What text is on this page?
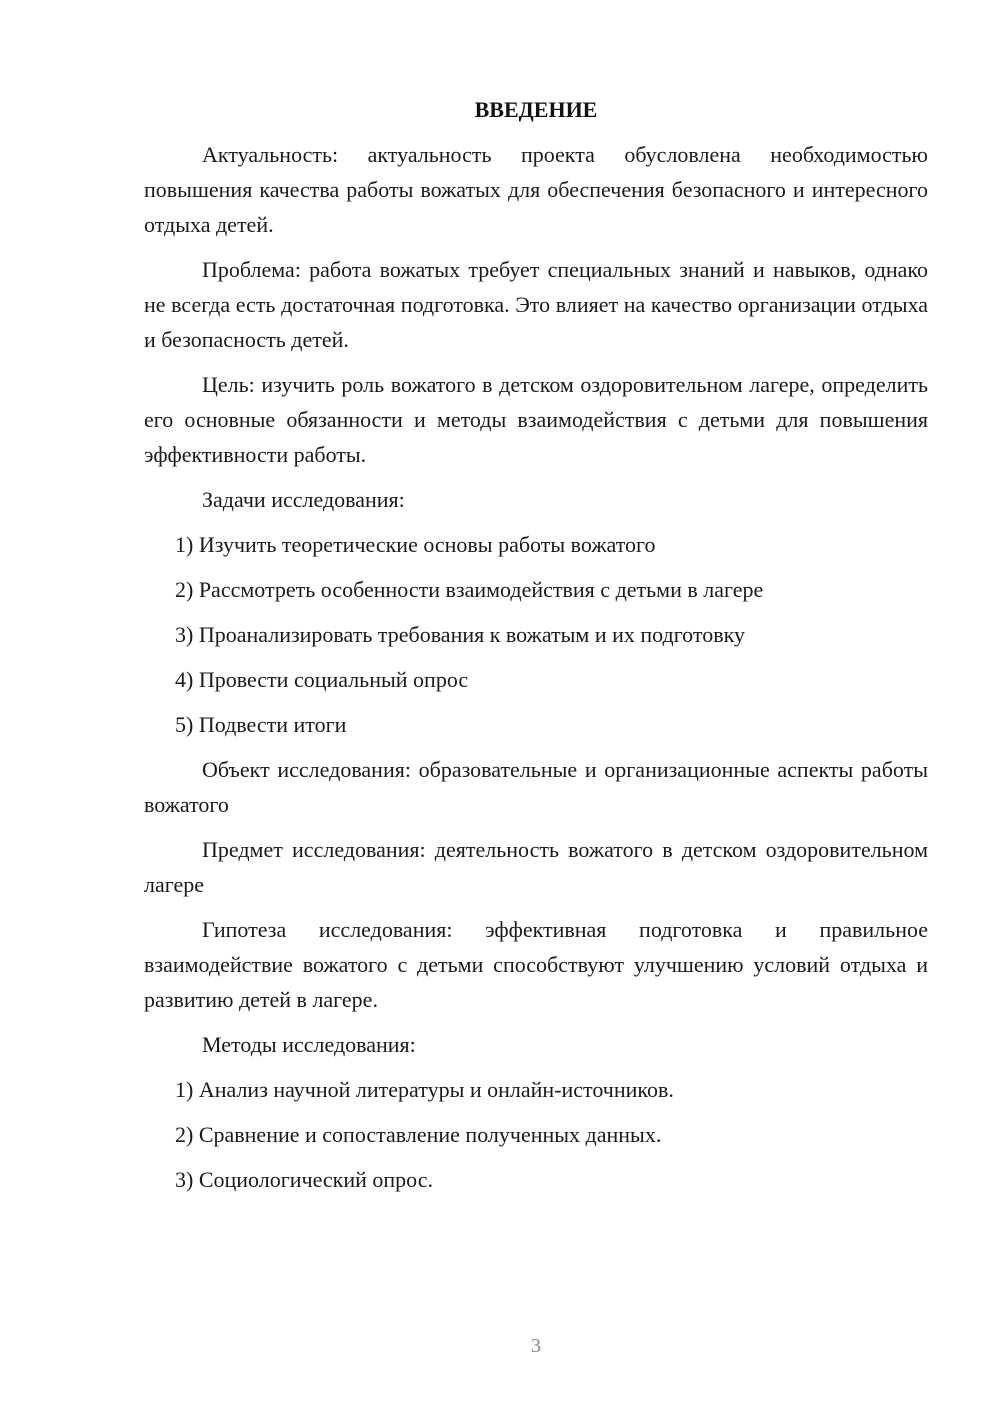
ВВЕДЕНИЕ

Актуальность: актуальность проекта обусловлена необходимостью повышения качества работы вожатых для обеспечения безопасного и интересного отдыха детей.

Проблема: работа вожатых требует специальных знаний и навыков, однако не всегда есть достаточная подготовка. Это влияет на качество организации отдыха и безопасность детей.

Цель: изучить роль вожатого в детском оздоровительном лагере, определить его основные обязанности и методы взаимодействия с детьми для повышения эффективности работы.

Задачи исследования:

1) Изучить теоретические основы работы вожатого
2) Рассмотреть особенности взаимодействия с детьми в лагере
3) Проанализировать требования к вожатым и их подготовку
4) Провести социальный опрос
5) Подвести итоги

Объект исследования: образовательные и организационные аспекты работы вожатого

Предмет исследования: деятельность вожатого в детском оздоровительном лагере

Гипотеза исследования: эффективная подготовка и правильное взаимодействие вожатого с детьми способствуют улучшению условий отдыха и развитию детей в лагере.

Методы исследования:

1) Анализ научной литературы и онлайн-источников.
2) Сравнение и сопоставление полученных данных.
3) Социологический опрос.
3
